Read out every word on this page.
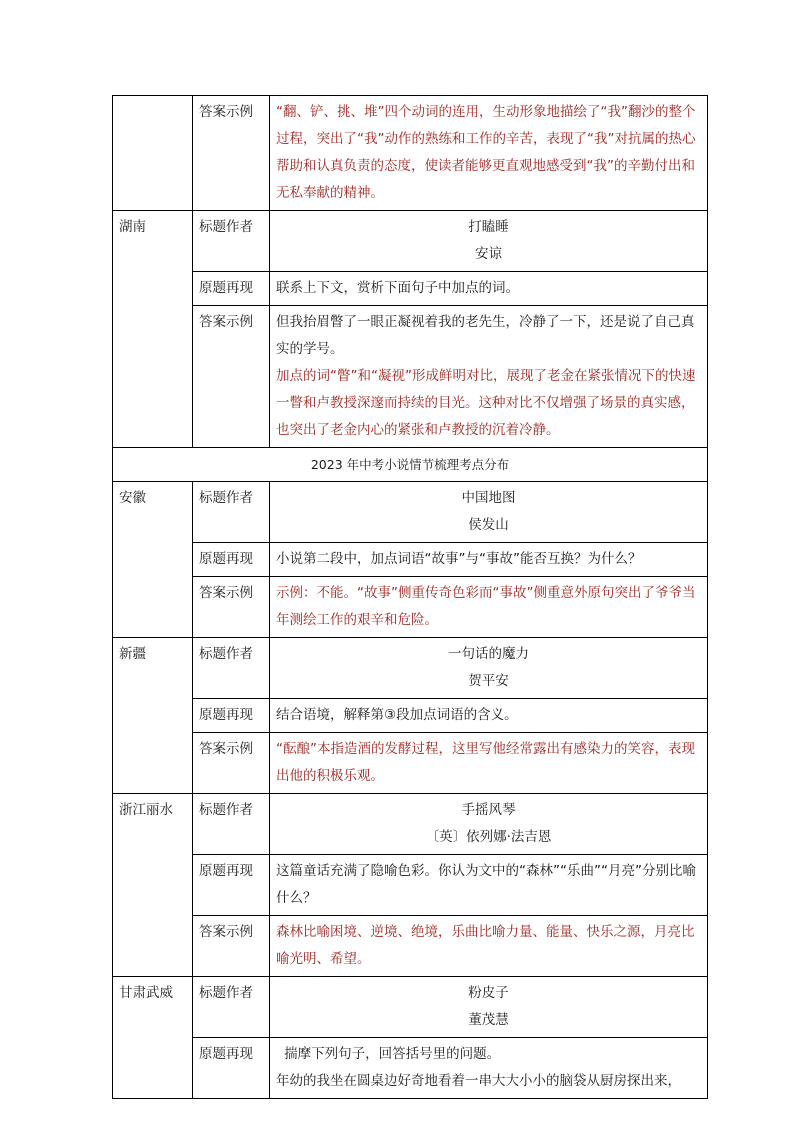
	答案示例	“翻、铲、挑、堆”四个动词的连用，生动形象地描绘了“我”翻沙的整个过程，突出了“我”动作的熟练和工作的辛苦，表现了“我”对抗属的热心帮助和认真负责的态度，使读者能够更直观地感受到“我”的辛勤付出和无私奉献的精神。

湖南	标题作者	打瞌睡
安谅

	原题再现	联系上下文，赏析下面句子中加点的词。
	答案示例	但我抬眉瞥了一眼正凝视着我的老先生，冷静了一下，还是说了自己真实的学号。
加点的词“瞥”和“凝视”形成鲜明对比，展现了老金在紧张情况下的快速一瞥和卢教授深邃而持续的目光。这种对比不仅增强了场景的真实感，也突出了老金内心的紧张和卢教授的沉着冷静。

2023 年中考小说情节梳理考点分布		
安徽	标题作者	中国地图
侯发山

	原题再现	小说第二段中，加点词语“故事”与“事故”能否互换？为什么？
	答案示例	示例：不能。“故事”侧重传奇色彩而“事故”侧重意外原句突出了爷爷当年测绘工作的艰辛和危险。
新疆	标题作者	一句话的魔力
贺平安

	原题再现	结合语境，解释第③段加点词语的含义。
	答案示例	“酝酿”本指造酒的发酵过程，这里写他经常露出有感染力的笑容，表现出他的积极乐观。
浙江丽水	标题作者	手摇风琴
〔英〕依列娜·法吉恩

	原题再现	这篇童话充满了隐喻色彩。你认为文中的“森林”“乐曲”“月亮”分别比喻什么？
	答案示例	森林比喻困境、逆境、绝境，乐曲比喻力量、能量、快乐之源，月亮比喻光明、希望。
甘肃武威	标题作者	粉皮子
董茂慧

	原题再现	揣摩下列句子，回答括号里的问题。
年幼的我坐在圆桌边好奇地看着一串大大小小的脑袋从厨房探出来，
